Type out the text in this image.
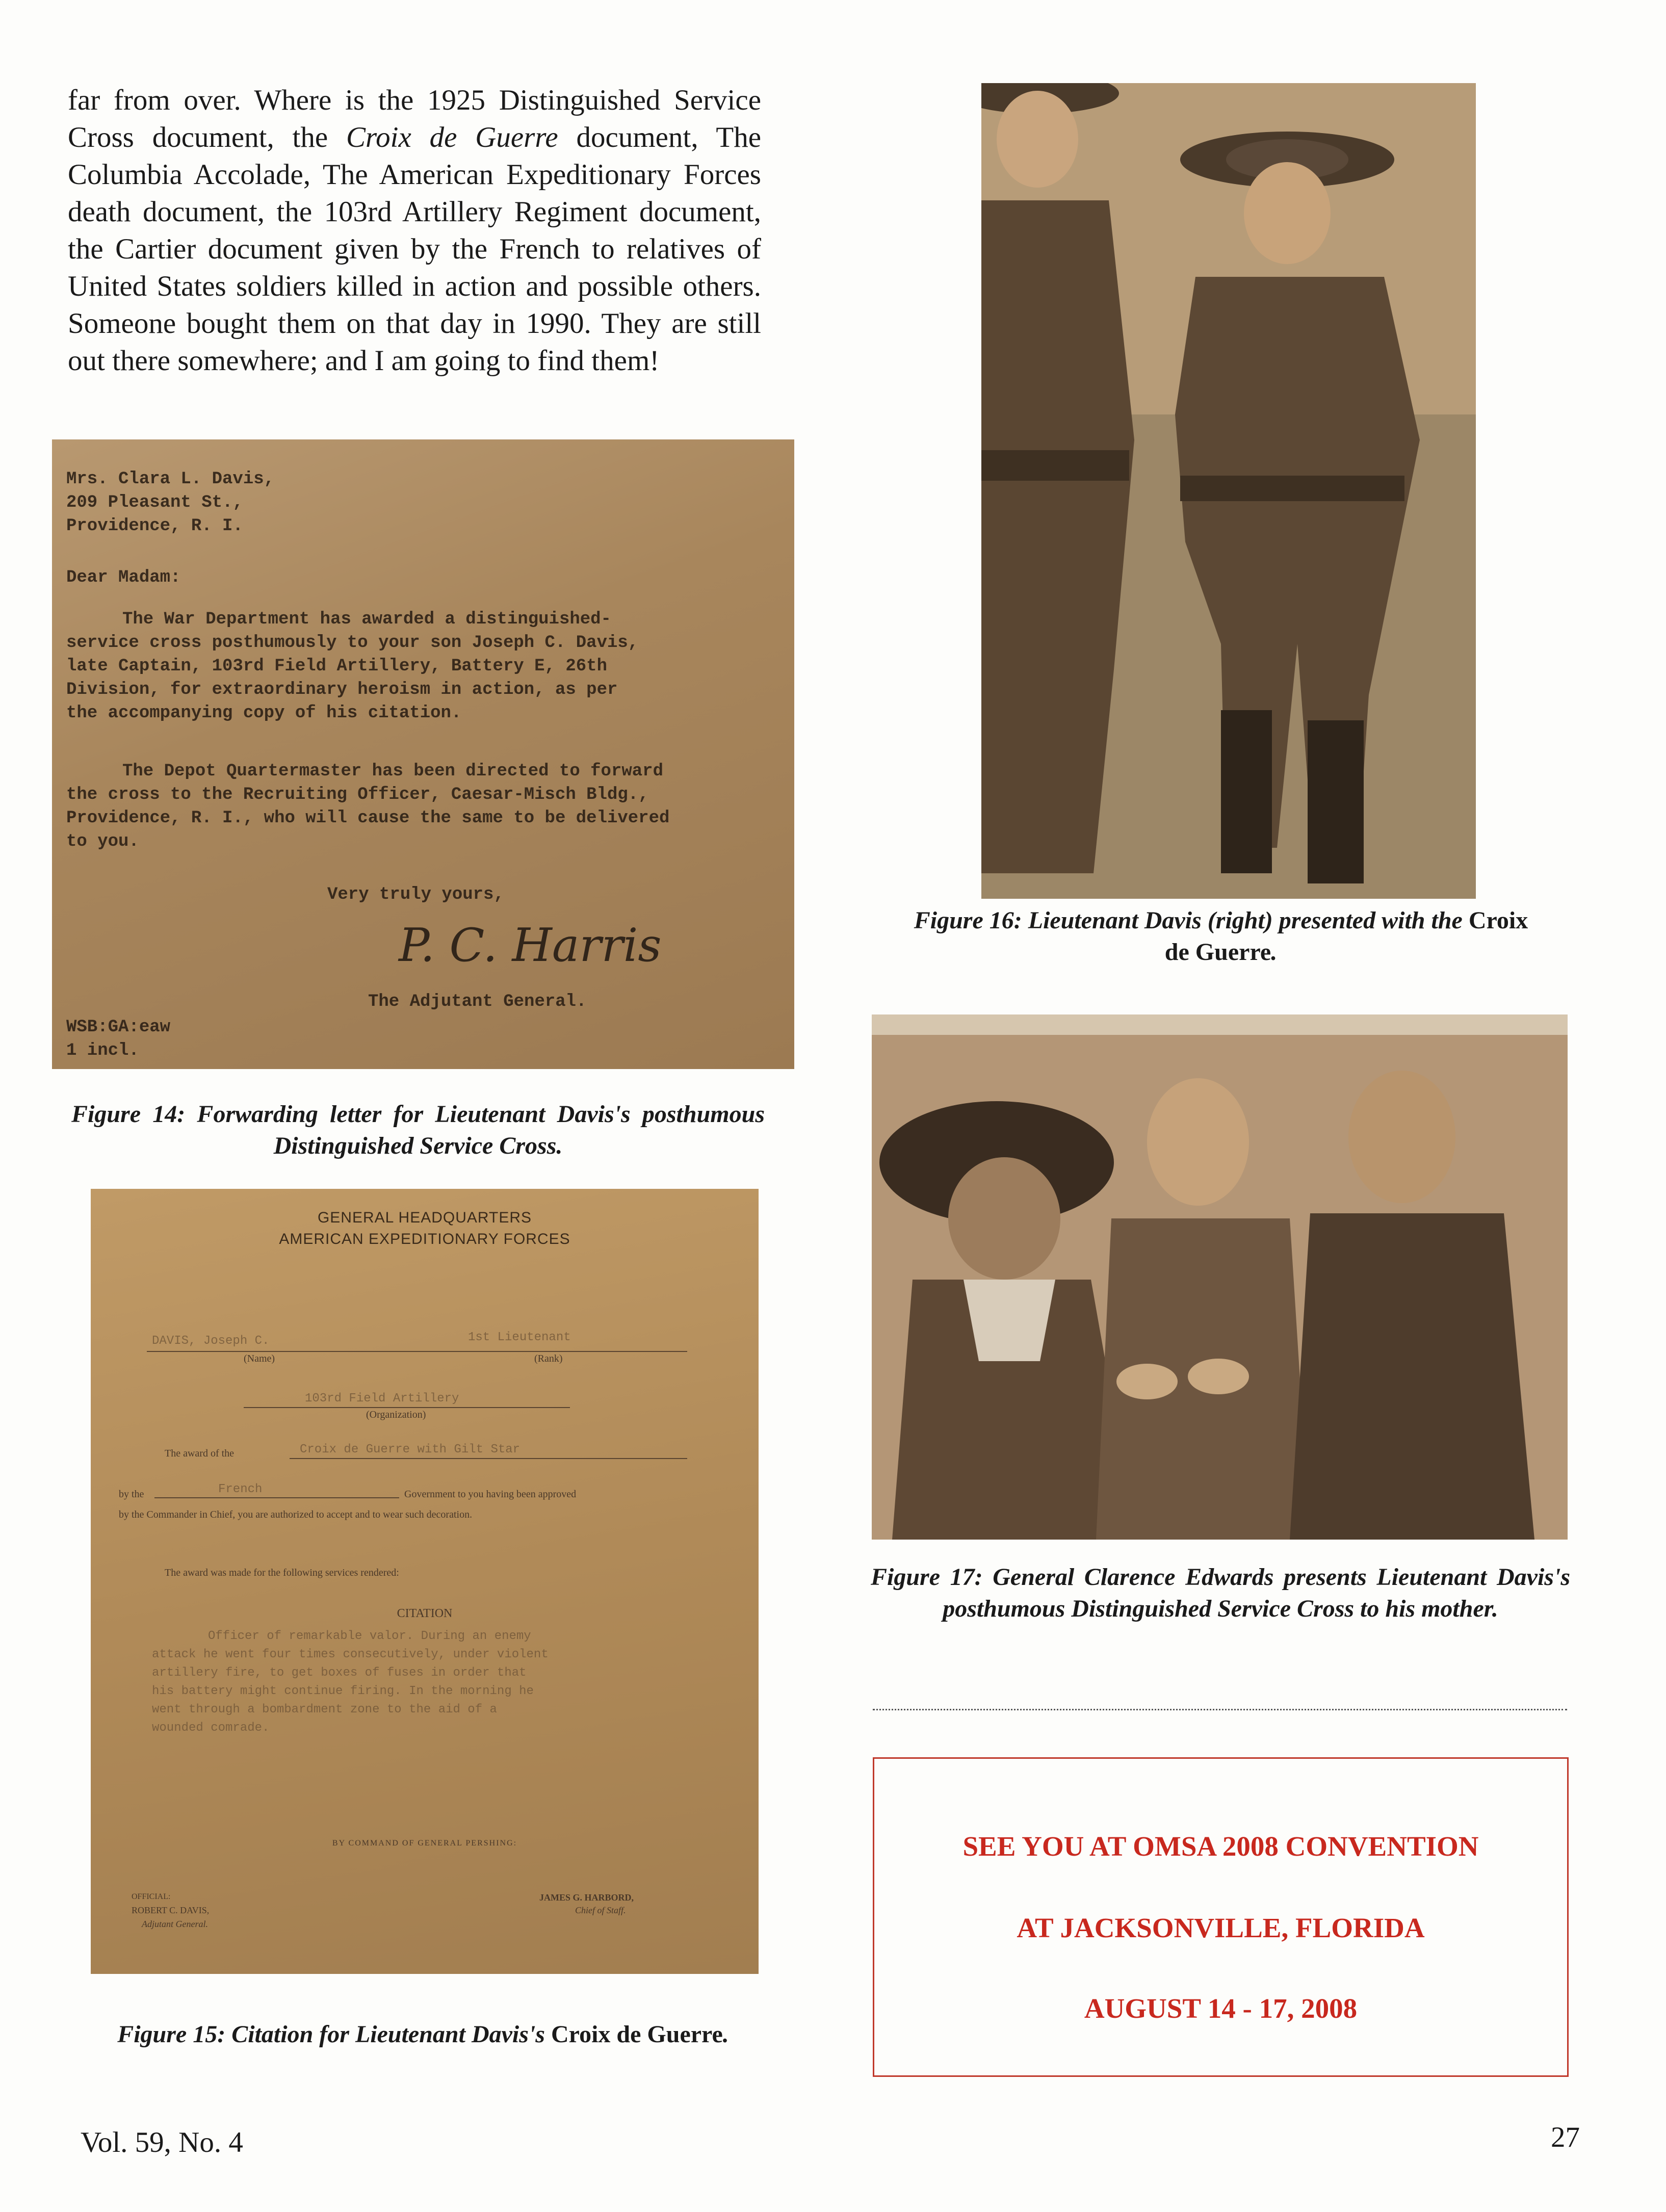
far from over. Where is the 1925 Distinguished Service Cross document, the Croix de Guerre document, The Columbia Accolade, The American Expeditionary Forces death document, the 103rd Artillery Regiment document, the Cartier document given by the French to relatives of United States soldiers killed in action and possible others. Someone bought them on that day in 1990. They are still out there somewhere; and I am going to find them!
Mrs. Clara L. Davis,
209 Pleasant St.,
Providence, R. I.
Dear Madam:
The War Department has awarded a distinguished-
service cross posthumously to your son Joseph C. Davis,
late Captain, 103rd Field Artillery, Battery E, 26th
Division, for extraordinary heroism in action, as per
the accompanying copy of his citation.
The Depot Quartermaster has been directed to forward
the cross to the Recruiting Officer, Caesar-Misch Bldg.,
Providence, R. I., who will cause the same to be delivered
to you.
Very truly yours,
P. C. Harris
The Adjutant General.
WSB:GA:eaw
1 incl.
Figure 14: Forwarding letter for Lieutenant Davis's posthumous Distinguished Service Cross.
GENERAL HEADQUARTERS
AMERICAN EXPEDITIONARY FORCES
DAVIS, Joseph C.	1st Lieutenant
(Name)	(Rank)
103rd Field Artillery
(Organization)
The award of the	Croix de Guerre with Gilt Star
by the	French	Government to you having been approved
by the Commander in Chief, you are authorized to accept and to wear such decoration.
The award was made for the following services rendered:
CITATION
Officer of remarkable valor. During an enemy
attack he went four times consecutively, under violent
artillery fire, to get boxes of fuses in order that
his battery might continue firing. In the morning he
went through a bombardment zone to the aid of a
wounded comrade.
BY COMMAND OF GENERAL PERSHING:
OFFICIAL:
ROBERT C. DAVIS,
Adjutant General.
JAMES G. HARBORD,
Chief of Staff.
Figure 15: Citation for Lieutenant Davis's Croix de Guerre.
Figure 16: Lieutenant Davis (right) presented with the Croix de Guerre.
Figure 17: General Clarence Edwards presents Lieutenant Davis's posthumous Distinguished Service Cross to his mother.
SEE YOU AT OMSA 2008 CONVENTION
AT JACKSONVILLE, FLORIDA
AUGUST 14 - 17, 2008
Vol. 59, No. 4	27
